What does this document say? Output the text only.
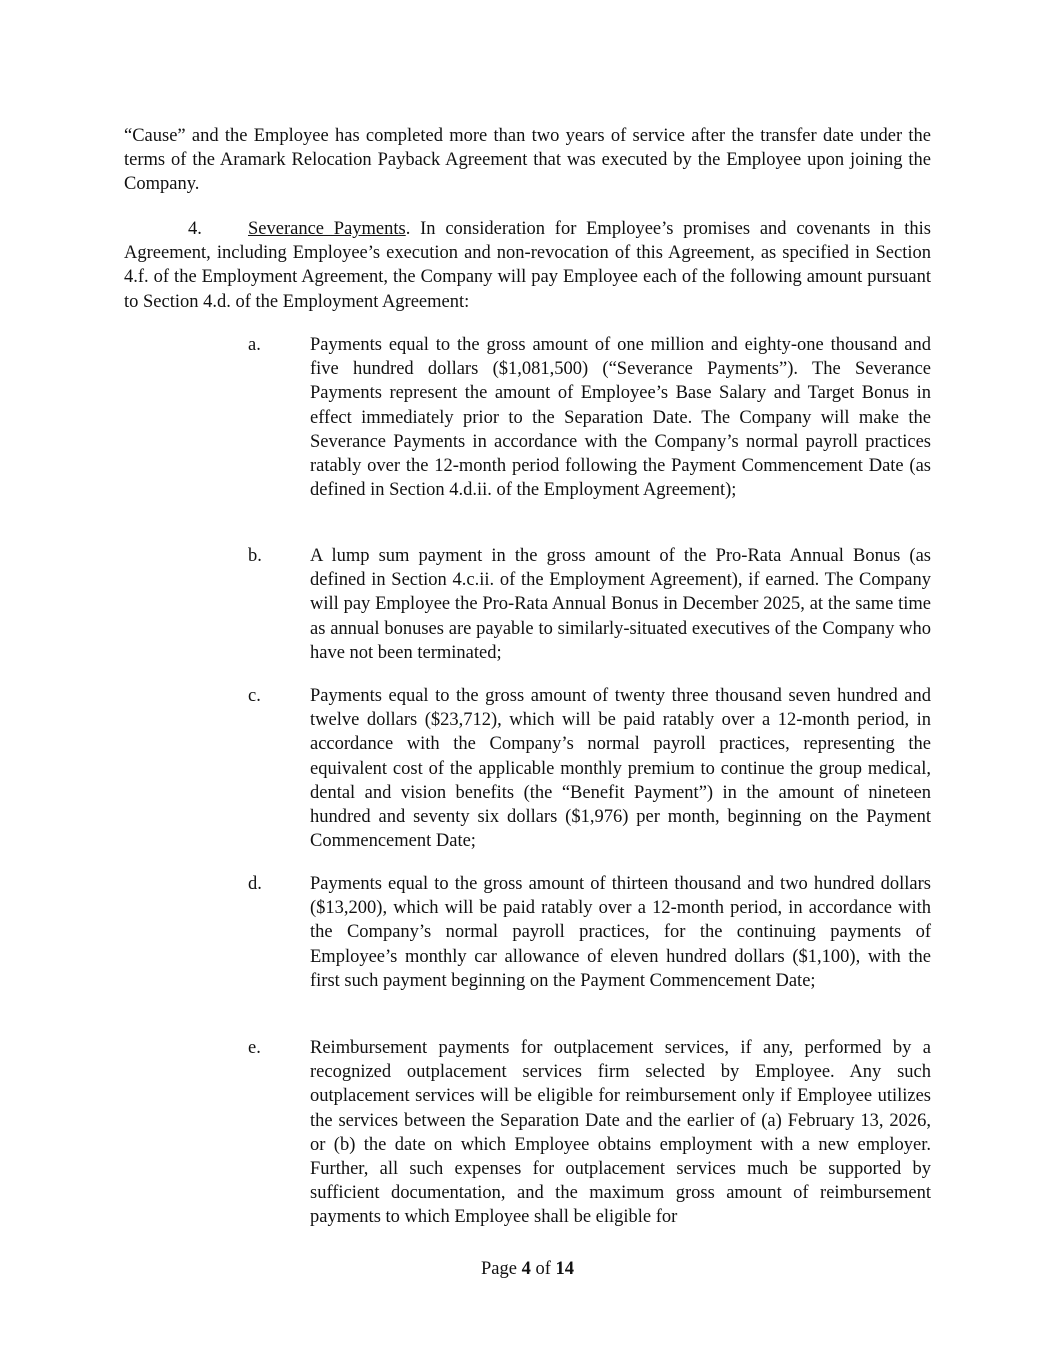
“Cause” and the Employee has completed more than two years of service after the transfer date under the terms of the Aramark Relocation Payback Agreement that was executed by the Employee upon joining the Company.
4. Severance Payments. In consideration for Employee’s promises and covenants in this Agreement, including Employee’s execution and non-revocation of this Agreement, as specified in Section 4.f. of the Employment Agreement, the Company will pay Employee each of the following amount pursuant to Section 4.d. of the Employment Agreement:
a.	Payments equal to the gross amount of one million and eighty-one thousand and five hundred dollars ($1,081,500) (“Severance Payments”). The Severance Payments represent the amount of Employee’s Base Salary and Target Bonus in effect immediately prior to the Separation Date. The Company will make the Severance Payments in accordance with the Company’s normal payroll practices ratably over the 12-month period following the Payment Commencement Date (as defined in Section 4.d.ii. of the Employment Agreement);
b.	A lump sum payment in the gross amount of the Pro-Rata Annual Bonus (as defined in Section 4.c.ii. of the Employment Agreement), if earned. The Company will pay Employee the Pro-Rata Annual Bonus in December 2025, at the same time as annual bonuses are payable to similarly-situated executives of the Company who have not been terminated;
c.	Payments equal to the gross amount of twenty three thousand seven hundred and twelve dollars ($23,712), which will be paid ratably over a 12-month period, in accordance with the Company’s normal payroll practices, representing the equivalent cost of the applicable monthly premium to continue the group medical, dental and vision benefits (the “Benefit Payment”) in the amount of nineteen hundred and seventy six dollars ($1,976) per month, beginning on the Payment Commencement Date;
d.	Payments equal to the gross amount of thirteen thousand and two hundred dollars ($13,200), which will be paid ratably over a 12-month period, in accordance with the Company’s normal payroll practices, for the continuing payments of Employee’s monthly car allowance of eleven hundred dollars ($1,100), with the first such payment beginning on the Payment Commencement Date;
e.	Reimbursement payments for outplacement services, if any, performed by a recognized outplacement services firm selected by Employee. Any such outplacement services will be eligible for reimbursement only if Employee utilizes the services between the Separation Date and the earlier of (a) February 13, 2026, or (b) the date on which Employee obtains employment with a new employer. Further, all such expenses for outplacement services much be supported by sufficient documentation, and the maximum gross amount of reimbursement payments to which Employee shall be eligible for
Page 4 of 14
